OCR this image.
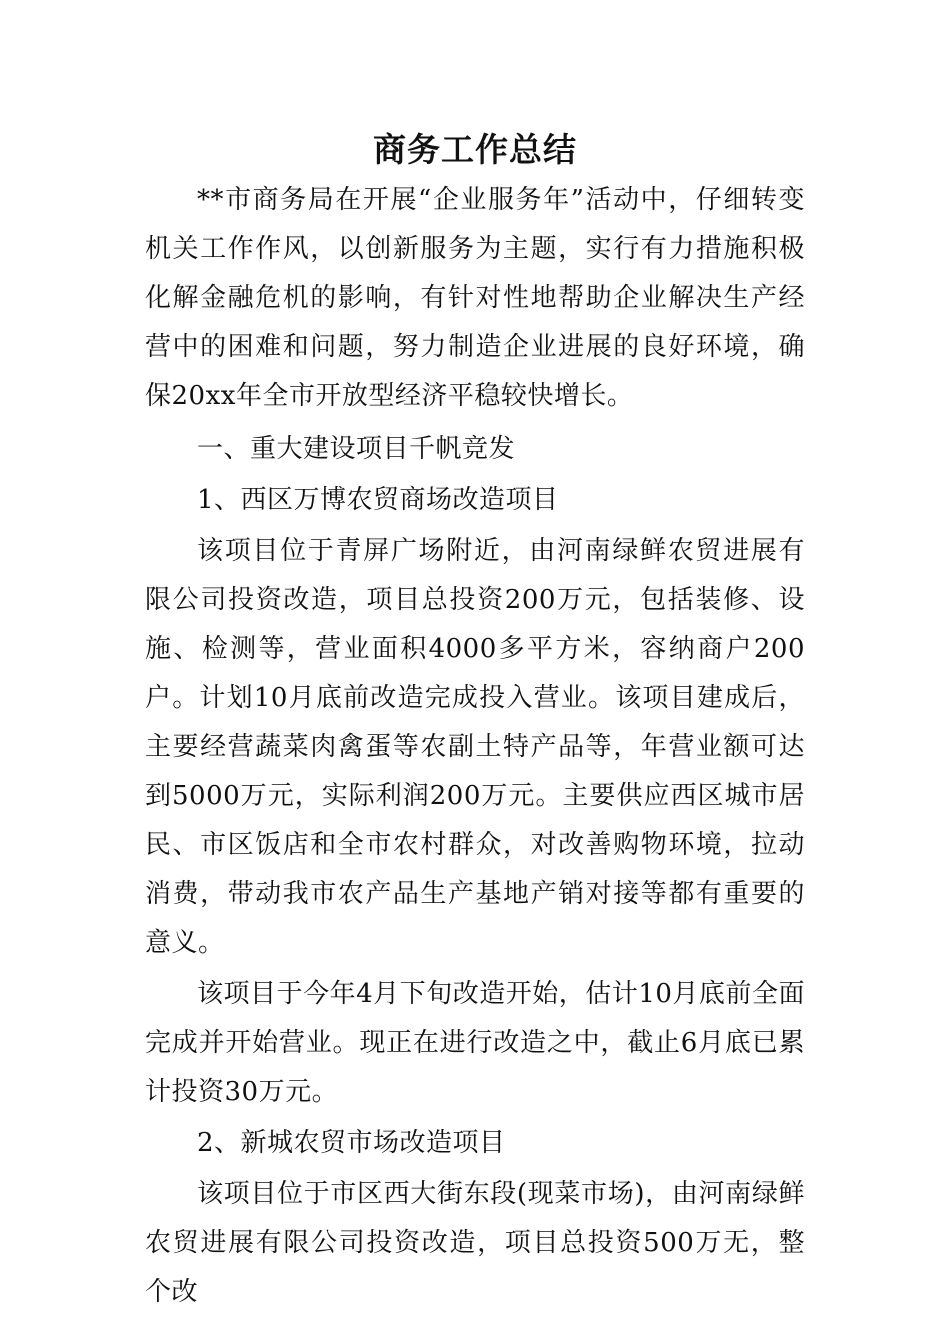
商务工作总结

**市商务局在开展“企业服务年”活动中，仔细转变机关工作作风，以创新服务为主题，实行有力措施积极化解金融危机的影响，有针对性地帮助企业解决生产经营中的困难和问题，努力制造企业进展的良好环境，确保20xx年全市开放型经济平稳较快增长。

一、重大建设项目千帆竞发

1、西区万博农贸商场改造项目

该项目位于青屏广场附近，由河南绿鲜农贸进展有限公司投资改造，项目总投资200万元，包括装修、设施、检测等，营业面积4000多平方米，容纳商户200户。计划10月底前改造完成投入营业。该项目建成后，主要经营蔬菜肉禽蛋等农副土特产品等，年营业额可达到5000万元，实际利润200万元。主要供应西区城市居民、市区饭店和全市农村群众，对改善购物环境，拉动消费，带动我市农产品生产基地产销对接等都有重要的意义。

该项目于今年4月下旬改造开始，估计10月底前全面完成并开始营业。现正在进行改造之中，截止6月底已累计投资30万元。

2、新城农贸市场改造项目

该项目位于市区西大街东段(现菜市场)，由河南绿鲜农贸进展有限公司投资改造，项目总投资500万无，整个改
